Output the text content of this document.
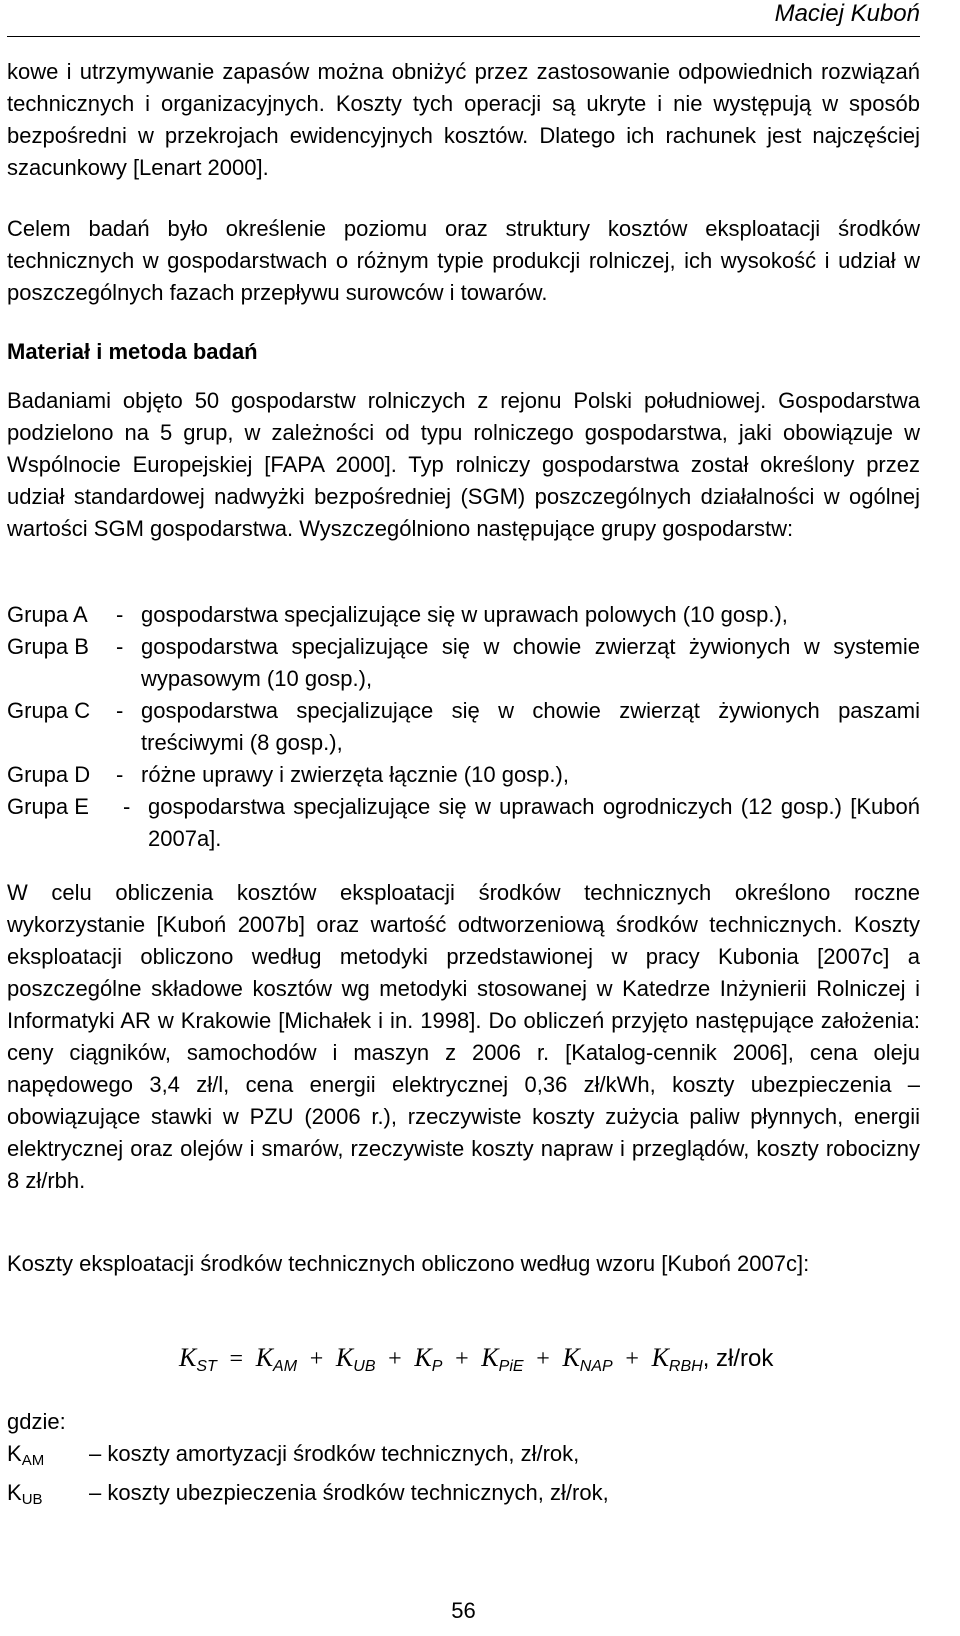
Maciej Kuboń

kowe i utrzymywanie zapasów można obniżyć przez zastosowanie odpowiednich rozwiązań technicznych i organizacyjnych. Koszty tych operacji są ukryte i nie występują w sposób bezpośredni w przekrojach ewidencyjnych kosztów. Dlatego ich rachunek jest najczęściej szacunkowy [Lenart 2000].

Celem badań było określenie poziomu oraz struktury kosztów eksploatacji środków technicznych w gospodarstwach o różnym typie produkcji rolniczej, ich wysokość i udział w poszczególnych fazach przepływu surowców i towarów.

Materiał i metoda badań

Badaniami objęto 50 gospodarstw rolniczych z rejonu Polski południowej. Gospodarstwa podzielono na 5 grup, w zależności od typu rolniczego gospodarstwa, jaki obowiązuje w Wspólnocie Europejskiej [FAPA 2000]. Typ rolniczy gospodarstwa został określony przez udział standardowej nadwyżki bezpośredniej (SGM) poszczególnych działalności w ogólnej wartości SGM gospodarstwa. Wyszczególniono następujące grupy gospodarstw:

Grupa A	- gospodarstwa specjalizujące się w uprawach polowych (10 gosp.),
Grupa B	- gospodarstwa specjalizujące się w chowie zwierząt żywionych w systemie wypasowym (10 gosp.),
Grupa C	- gospodarstwa specjalizujące się w chowie zwierząt żywionych paszami treściwymi (8 gosp.),
Grupa D	- różne uprawy i zwierzęta łącznie (10 gosp.),
Grupa E	- gospodarstwa specjalizujące się w uprawach ogrodniczych (12 gosp.) [Kuboń 2007a].

W celu obliczenia kosztów eksploatacji środków technicznych określono roczne wykorzystanie [Kuboń 2007b] oraz wartość odtworzeniową środków technicznych. Koszty eksploatacji obliczono według metodyki przedstawionej w pracy Kubonia [2007c] a poszczególne składowe kosztów wg metodyki stosowanej w Katedrze Inżynierii Rolniczej i Informatyki AR w Krakowie [Michałek i in. 1998]. Do obliczeń przyjęto następujące założenia: ceny ciągników, samochodów i maszyn z 2006 r. [Katalog-cennik 2006], cena oleju napędowego 3,4 zł/l, cena energii elektrycznej 0,36 zł/kWh, koszty ubezpieczenia – obowiązujące stawki w PZU (2006 r.), rzeczywiste koszty zużycia paliw płynnych, energii elektrycznej oraz olejów i smarów, rzeczywiste koszty napraw i przeglądów, koszty robocizny 8 zł/rbh.

Koszty eksploatacji środków technicznych obliczono według wzoru [Kuboń 2007c]:

$K_{ST} = K_{AM} + K_{UB} + K_P + K_{PiE} + K_{NAP} + K_{RBH}$, zł/rok
gdzie:
$K_{AM}$	– koszty amortyzacji środków technicznych, zł/rok,
$K_{UB}$	– koszty ubezpieczenia środków technicznych, zł/rok,
56
